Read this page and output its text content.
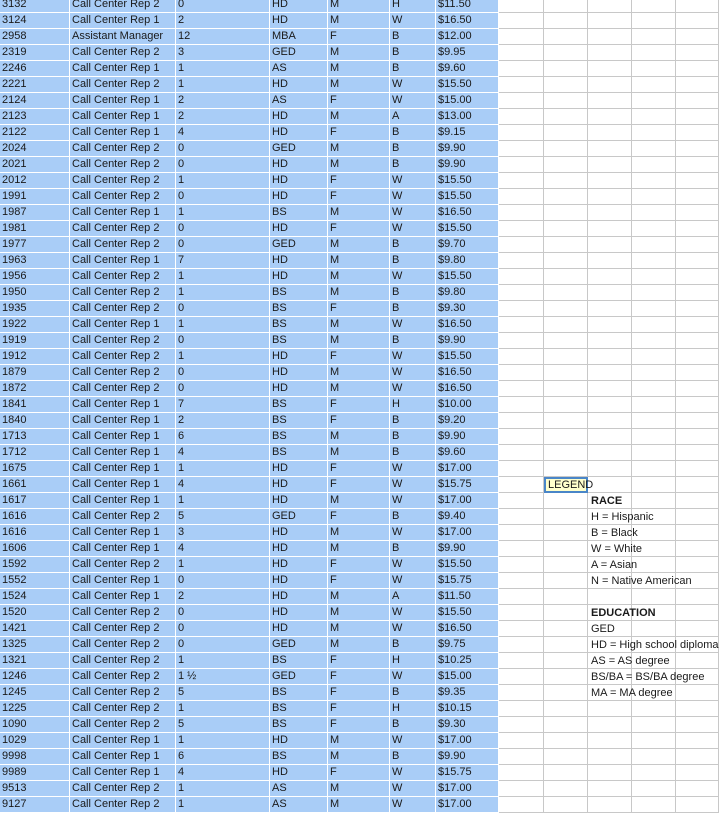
3132	Call Center Rep 2	0	HD	M	H	$11.50
3124	Call Center Rep 1	2	HD	M	W	$16.50
2958	Assistant Manager	12	MBA	F	B	$12.00
2319	Call Center Rep 2	3	GED	M	B	$9.95
2246	Call Center Rep 1	1	AS	M	B	$9.60
2221	Call Center Rep 2	1	HD	M	W	$15.50
2124	Call Center Rep 1	2	AS	F	W	$15.00
2123	Call Center Rep 1	2	HD	M	A	$13.00
2122	Call Center Rep 1	4	HD	F	B	$9.15
2024	Call Center Rep 2	0	GED	M	B	$9.90
2021	Call Center Rep 2	0	HD	M	B	$9.90
2012	Call Center Rep 2	1	HD	F	W	$15.50
1991	Call Center Rep 2	0	HD	F	W	$15.50
1987	Call Center Rep 1	1	BS	M	W	$16.50
1981	Call Center Rep 2	0	HD	F	W	$15.50
1977	Call Center Rep 2	0	GED	M	B	$9.70
1963	Call Center Rep 1	7	HD	M	B	$9.80
1956	Call Center Rep 2	1	HD	M	W	$15.50
1950	Call Center Rep 2	1	BS	M	B	$9.80
1935	Call Center Rep 2	0	BS	F	B	$9.30
1922	Call Center Rep 1	1	BS	M	W	$16.50
1919	Call Center Rep 2	0	BS	M	B	$9.90
1912	Call Center Rep 2	1	HD	F	W	$15.50
1879	Call Center Rep 2	0	HD	M	W	$16.50
1872	Call Center Rep 2	0	HD	M	W	$16.50
1841	Call Center Rep 1	7	BS	F	H	$10.00
1840	Call Center Rep 1	2	BS	F	B	$9.20
1713	Call Center Rep 1	6	BS	M	B	$9.90
1712	Call Center Rep 1	4	BS	M	B	$9.60
1675	Call Center Rep 1	1	HD	F	W	$17.00
1661	Call Center Rep 1	4	HD	F	W	$15.75
1617	Call Center Rep 1	1	HD	M	W	$17.00
1616	Call Center Rep 2	5	GED	F	B	$9.40
1616	Call Center Rep 1	3	HD	M	W	$17.00
1606	Call Center Rep 1	4	HD	M	B	$9.90
1592	Call Center Rep 2	1	HD	F	W	$15.50
1552	Call Center Rep 1	0	HD	F	W	$15.75
1524	Call Center Rep 1	2	HD	M	A	$11.50
1520	Call Center Rep 2	0	HD	M	W	$15.50
1421	Call Center Rep 2	0	HD	M	W	$16.50
1325	Call Center Rep 2	0	GED	M	B	$9.75
1321	Call Center Rep 2	1	BS	F	H	$10.25
1246	Call Center Rep 2	1 ½	GED	F	W	$15.00
1245	Call Center Rep 2	5	BS	F	B	$9.35
1225	Call Center Rep 2	1	BS	F	H	$10.15
1090	Call Center Rep 2	5	BS	F	B	$9.30
1029	Call Center Rep 1	1	HD	M	W	$17.00
9998	Call Center Rep 1	6	BS	M	B	$9.90
9989	Call Center Rep 1	4	HD	F	W	$15.75
9513	Call Center Rep 2	1	AS	M	W	$17.00
9127	Call Center Rep 2	1	AS	M	W	$17.00
LEGEND
RACE
H = Hispanic
B = Black
W = White
A = Asian
N = Native American
EDUCATION
GED
HD = High school diploma
AS = AS degree
BS/BA = BS/BA degree
MA = MA degree
